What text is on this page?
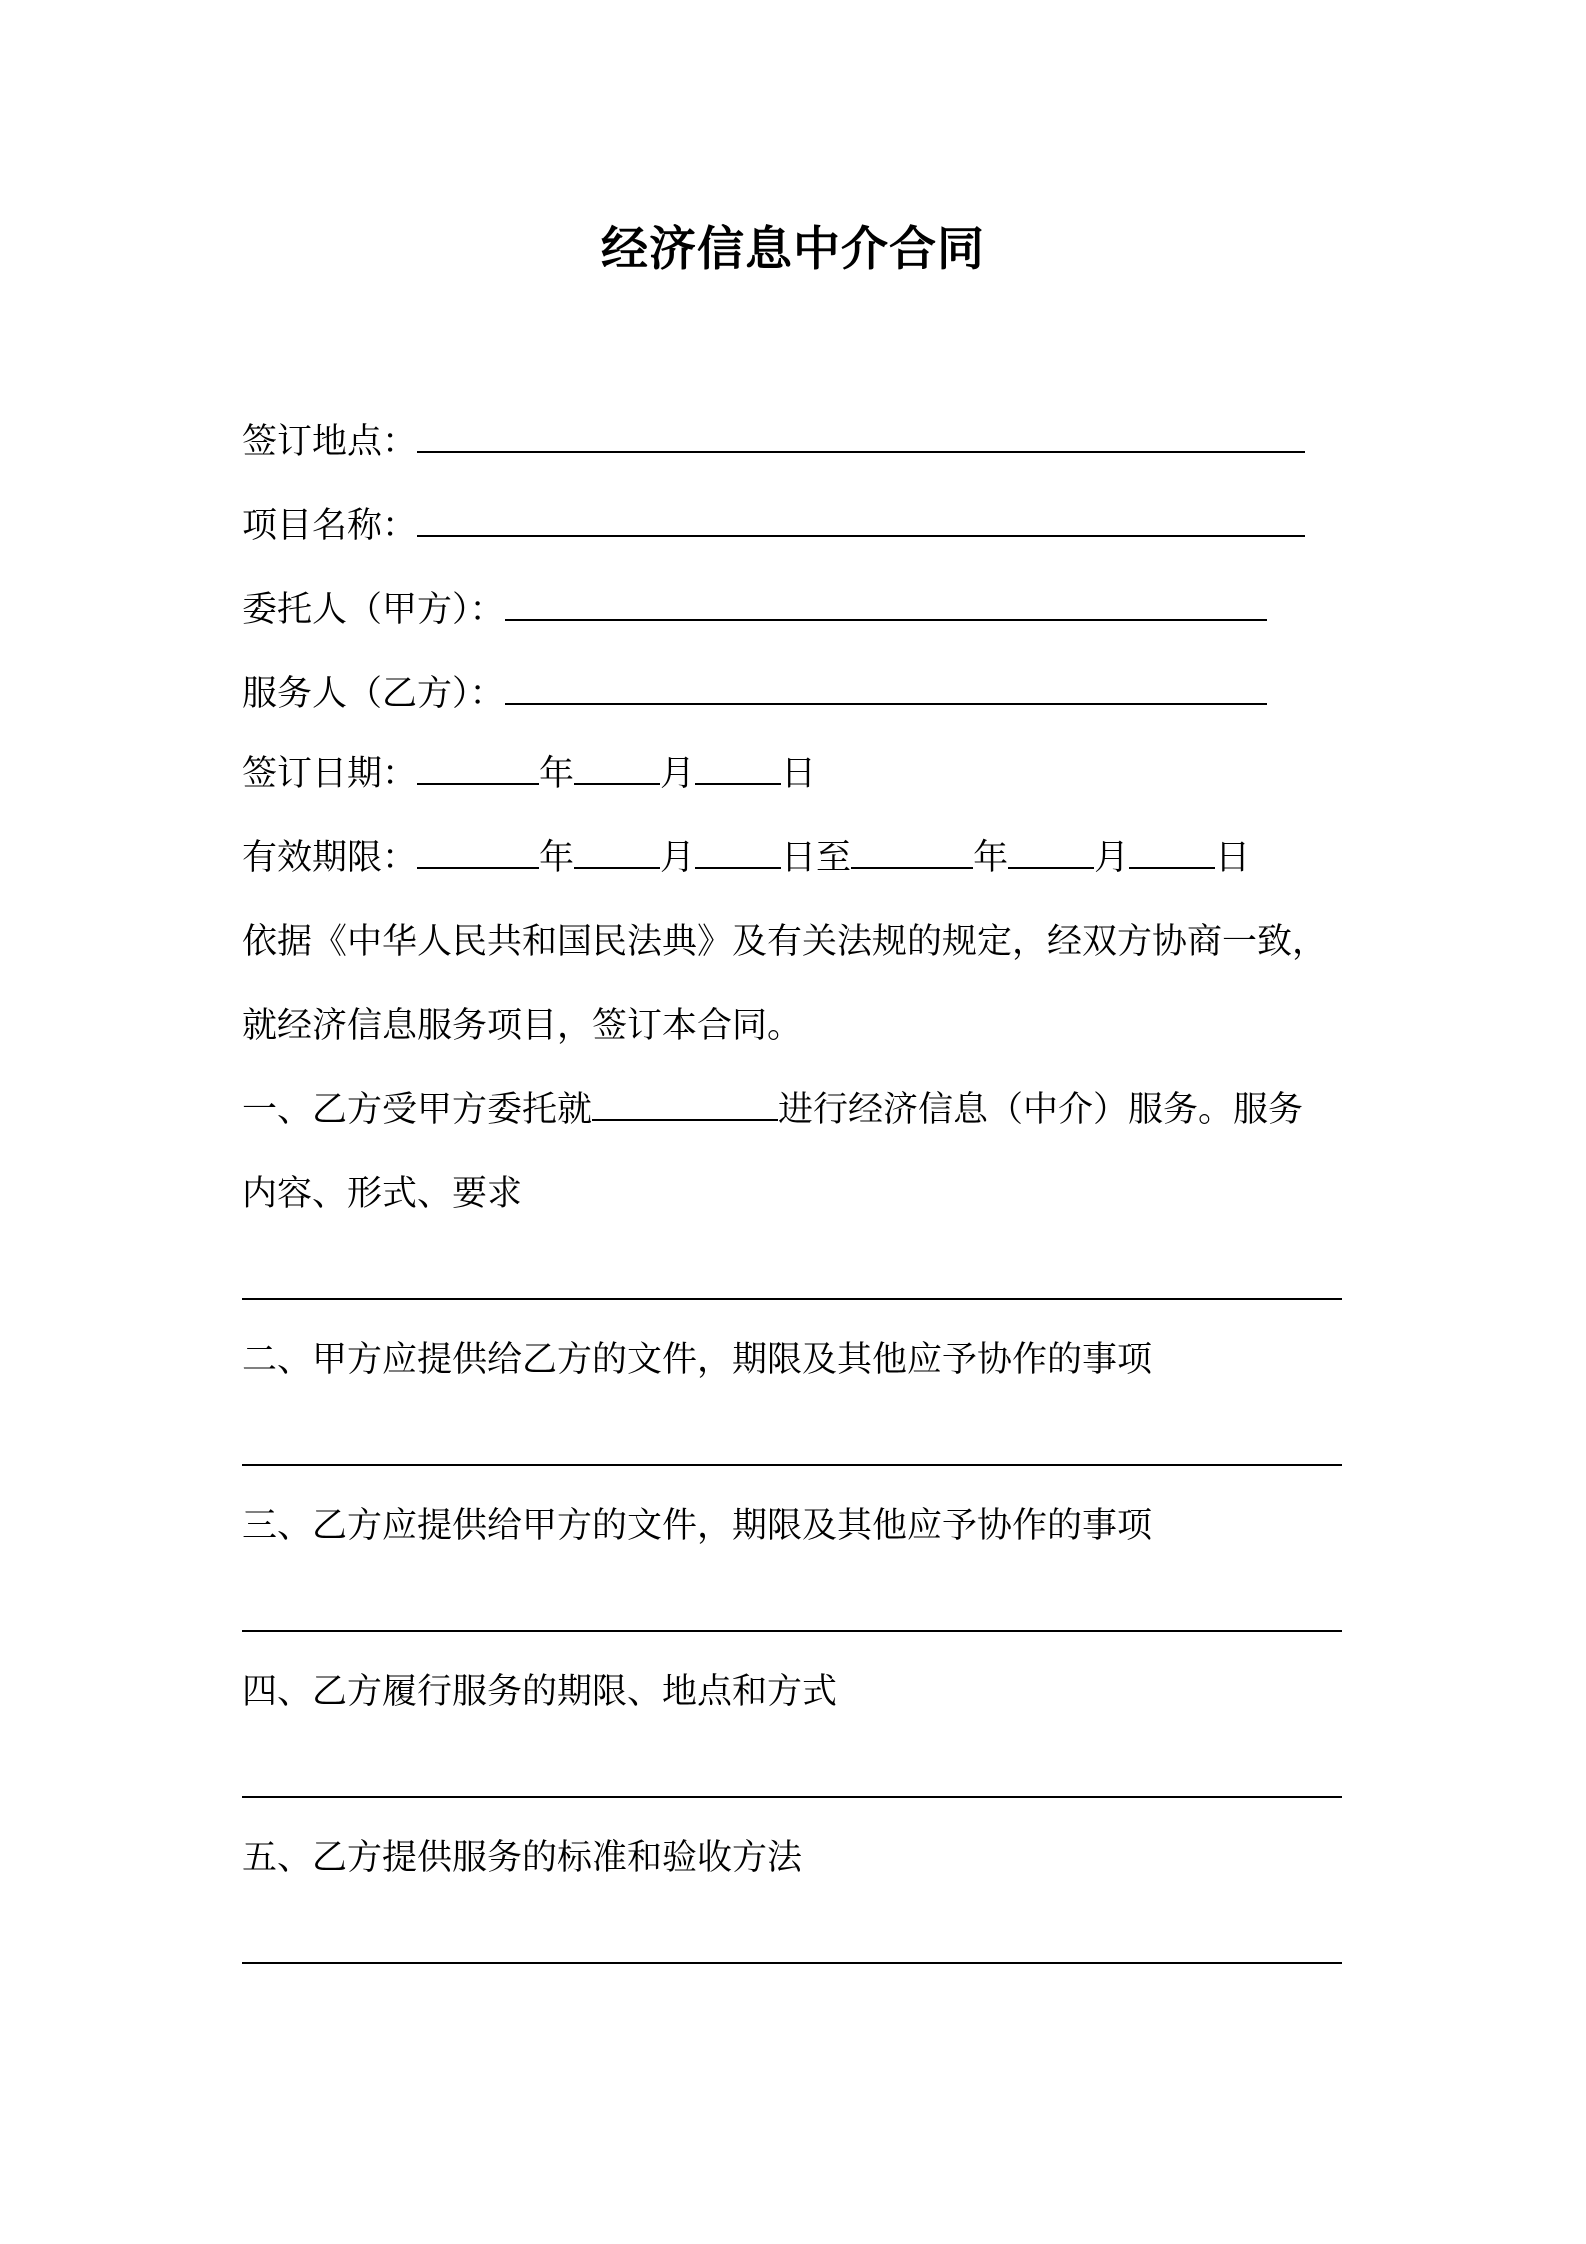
经济信息中介合同
签订地点：
项目名称：
委托人（甲方）：
服务人（乙方）：
签订日期：	年 月 日
有效期限：	年 月 日至	年 月 日
依据《中华人民共和国民法典》及有关法规的规定，经双方协商一致，
就经济信息服务项目，签订本合同。
一、乙方受甲方委托就	进行经济信息（中介）服务。服务
内容、形式、要求
二、甲方应提供给乙方的文件，期限及其他应予协作的事项
三、乙方应提供给甲方的文件，期限及其他应予协作的事项
四、乙方履行服务的期限、地点和方式
五、乙方提供服务的标准和验收方法
